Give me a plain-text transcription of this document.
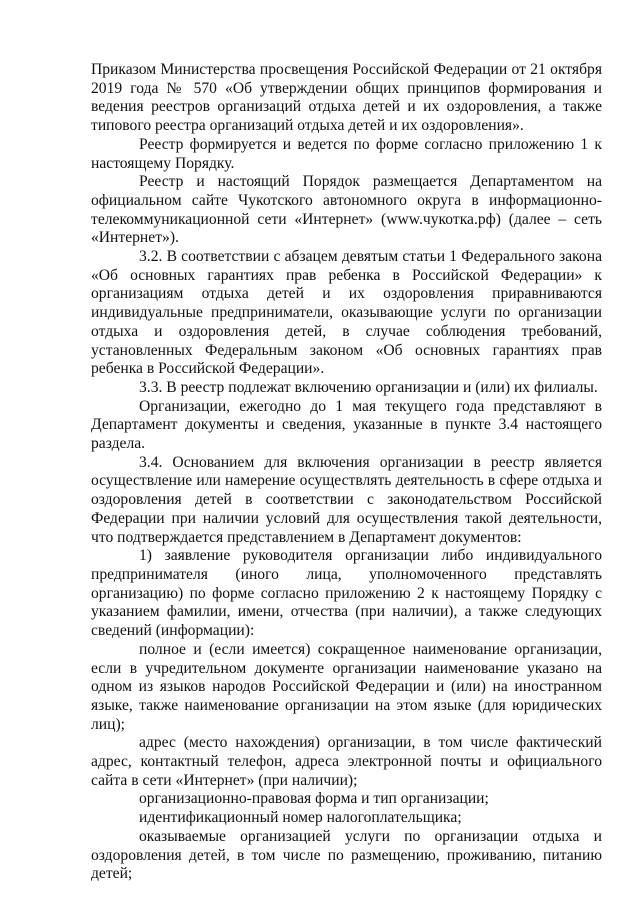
Приказом Министерства просвещения Российской Федерации от 21 октября 2019 года № 570 «Об утверждении общих принципов формирования и ведения реестров организаций отдыха детей и их оздоровления, а также типового реестра организаций отдыха детей и их оздоровления».

Реестр формируется и ведется по форме согласно приложению 1 к настоящему Порядку.

Реестр и настоящий Порядок размещается Департаментом на официальном сайте Чукотского автономного округа в информационно-телекоммуникационной сети «Интернет» (www.чукотка.рф) (далее – сеть «Интернет»).

3.2. В соответствии с абзацем девятым статьи 1 Федерального закона «Об основных гарантиях прав ребенка в Российской Федерации» к организациям отдыха детей и их оздоровления приравниваются индивидуальные предприниматели, оказывающие услуги по организации отдыха и оздоровления детей, в случае соблюдения требований, установленных Федеральным законом «Об основных гарантиях прав ребенка в Российской Федерации».

3.3. В реестр подлежат включению организации и (или) их филиалы.

Организации, ежегодно до 1 мая текущего года представляют в Департамент документы и сведения, указанные в пункте 3.4 настоящего раздела.

3.4. Основанием для включения организации в реестр является осуществление или намерение осуществлять деятельность в сфере отдыха и оздоровления детей в соответствии с законодательством Российской Федерации при наличии условий для осуществления такой деятельности, что подтверждается представлением в Департамент документов:

1) заявление руководителя организации либо индивидуального предпринимателя (иного лица, уполномоченного представлять организацию) по форме согласно приложению 2 к настоящему Порядку с указанием фамилии, имени, отчества (при наличии), а также следующих сведений (информации):

полное и (если имеется) сокращенное наименование организации, если в учредительном документе организации наименование указано на одном из языков народов Российской Федерации и (или) на иностранном языке, также наименование организации на этом языке (для юридических лиц);

адрес (место нахождения) организации, в том числе фактический адрес, контактный телефон, адреса электронной почты и официального сайта в сети «Интернет» (при наличии);

организационно-правовая форма и тип организации;

идентификационный номер налогоплательщика;

оказываемые организацией услуги по организации отдыха и оздоровления детей, в том числе по размещению, проживанию, питанию детей;
